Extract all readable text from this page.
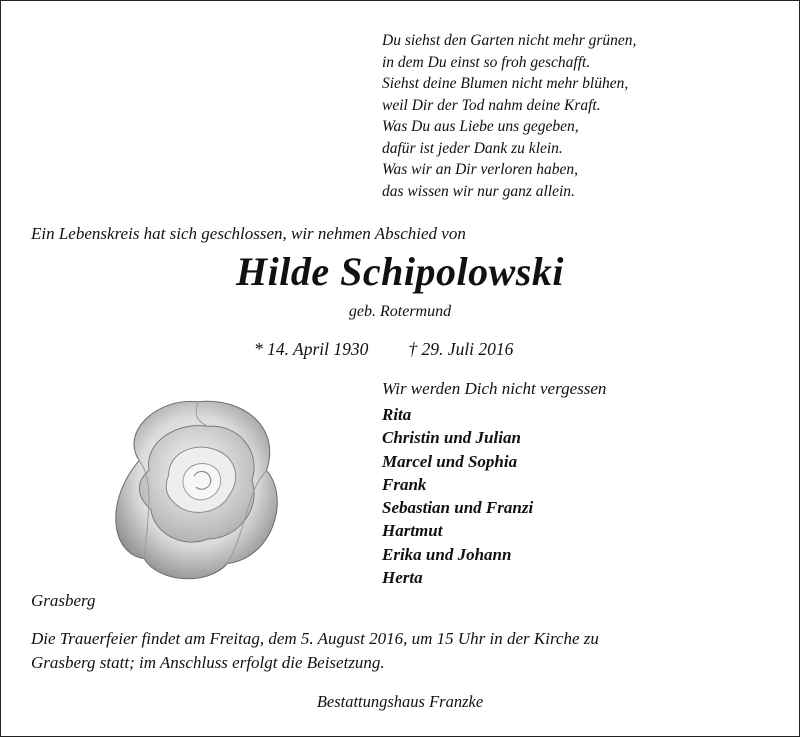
Du siehst den Garten nicht mehr grünen,
in dem Du einst so froh geschafft.
Siehst deine Blumen nicht mehr blühen,
weil Dir der Tod nahm deine Kraft.
Was Du aus Liebe uns gegeben,
dafür ist jeder Dank zu klein.
Was wir an Dir verloren haben,
das wissen wir nur ganz allein.
Ein Lebenskreis hat sich geschlossen, wir nehmen Abschied von
Hilde Schipolowski
geb. Rotermund
* 14. April 1930 † 29. Juli 2016
Wir werden Dich nicht vergessen
Rita
Christin und Julian
Marcel und Sophia
Frank
Sebastian und Franzi
Hartmut
Erika und Johann
Herta
Grasberg
Die Trauerfeier findet am Freitag, dem 5. August 2016, um 15 Uhr in der Kirche zu
Grasberg statt; im Anschluss erfolgt die Beisetzung.
Bestattungshaus Franzke
